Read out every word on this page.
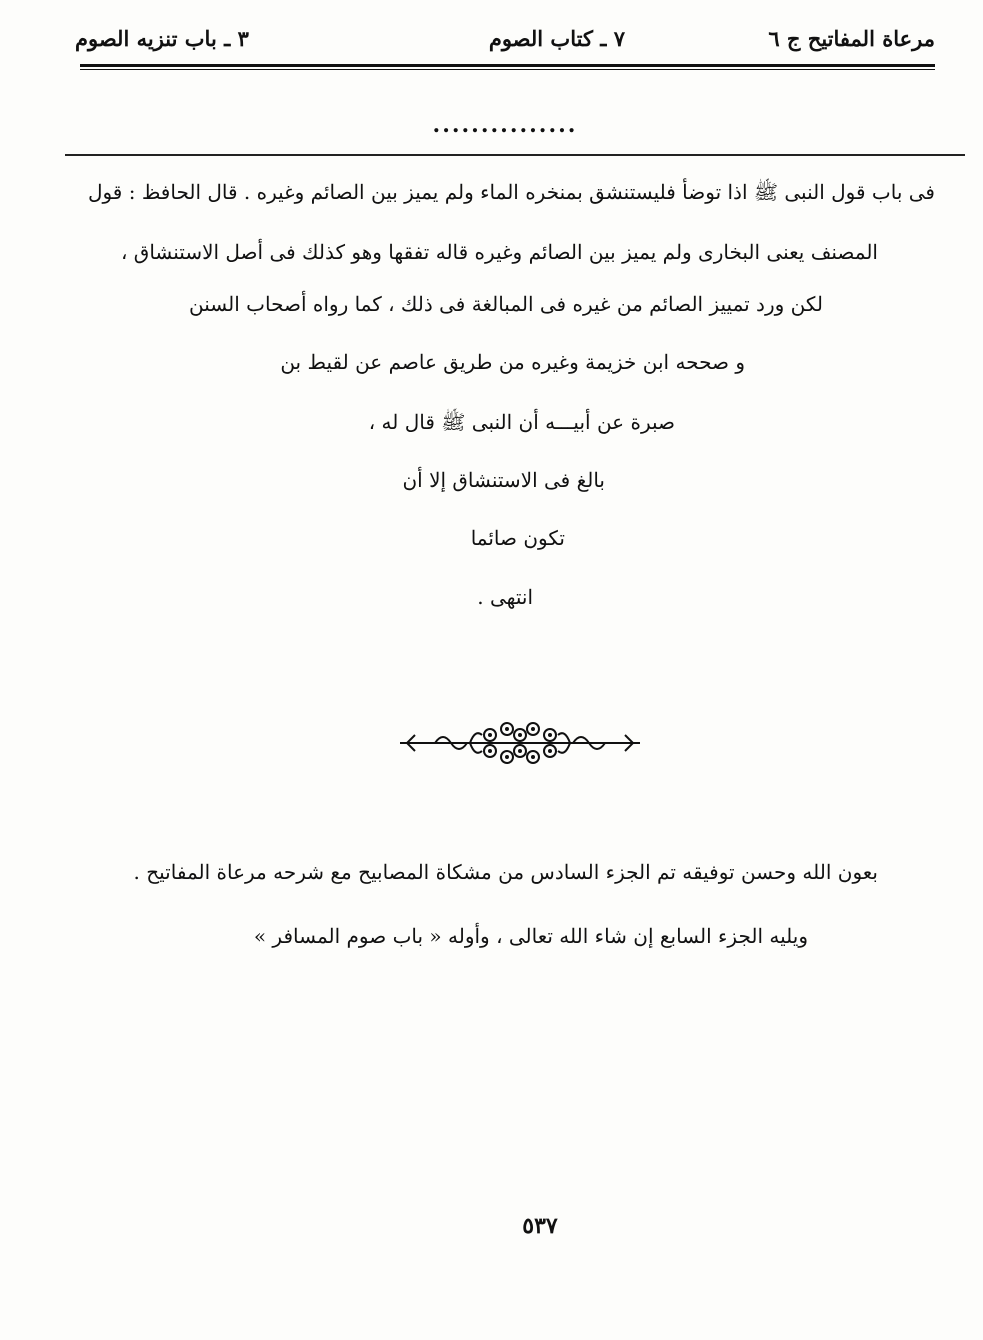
مرعاة المفاتيح ج ٦
٧ ـ كتاب الصوم
٣ ـ باب تنزيه الصوم
...............
فى باب قول النبى ﷺ اذا توضأ فليستنشق بمنخره الماء ولم يميز بين الصائم وغيره . قال الحافظ : قول
المصنف يعنى البخارى ولم يميز بين الصائم وغيره قاله تفقها وهو كذلك فى أصل الاستنشاق ،
لكن ورد تمييز الصائم من غيره فى المبالغة فى ذلك ، كما رواه أصحاب السنن
و صححه ابن خزيمة وغيره من طريق عاصم عن لقيط بن
صبرة عن أبيـــه أن النبى ﷺ قال له ،
بالغ فى الاستنشاق إلا أن
تكون صائما
انتهى .
بعون الله وحسن توفيقه تم الجزء السادس من مشكاة المصابيح مع شرحه مرعاة المفاتيح .
ويليه الجزء السابع إن شاء الله تعالى ، وأوله « باب صوم المسافر »
٥٣٧
